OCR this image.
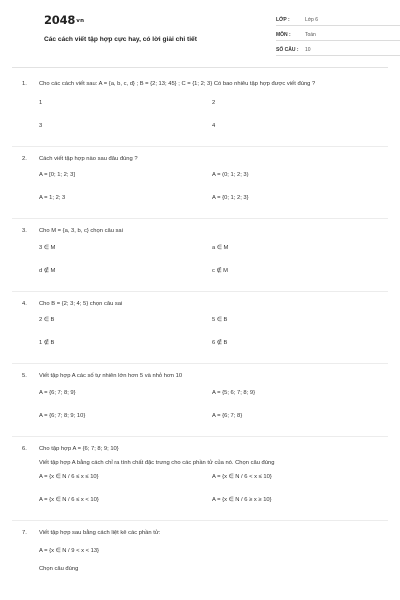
2048vn
Các cách viết tập hợp cực hay, có lời giải chi tiết
LỚP :	Lớp 6
MÔN :	Toán
SỐ CÂU :	10
1.	Cho các cách viết sau: A = {a, b, c, d} ; B = {2; 13; 45} ; C = {1; 2; 3} Có bao nhiêu tập hợp được viết đúng ?
1	2
3	4
2.	Cách viết tập hợp nào sau đâu đúng ?
A = [0; 1; 2; 3]	A = (0; 1; 2; 3)
A = 1; 2; 3	A = {0; 1; 2; 3}
3.	Cho M = {a, 3, b, c} chọn câu sai
3 ∈ M	a ∈ M
d ∉ M	c ∉ M
4.	Cho B = {2; 3; 4; 5} chọn câu sai
2 ∈ B	5 ∈ B
1 ∉ B	6 ∉ B
5.	Viết tập hợp A các số tự nhiên lớn hơn 5 và nhỏ hơn 10
A = {6; 7; 8; 9}	A = {5; 6; 7; 8; 9}
A = {6; 7; 8; 9; 10}	A = {6; 7; 8}
6.	Cho tập hợp A = {6; 7; 8; 9; 10}
Viết tập hợp A bằng cách chỉ ra tính chất đặc trưng cho các phần tử của nó. Chọn câu đúng
A = {x ∈ N / 6 ≤ x ≤ 10}	A = {x ∈ N / 6 < x ≤ 10}
A = {x ∈ N / 6 ≤ x < 10}	A = {x ∈ N / 6 ≥ x ≥ 10}
7.	Viết tập hợp sau bằng cách liệt kê các phần tử:
A = {x ∈ N / 9 < x < 13}
Chọn câu đúng
